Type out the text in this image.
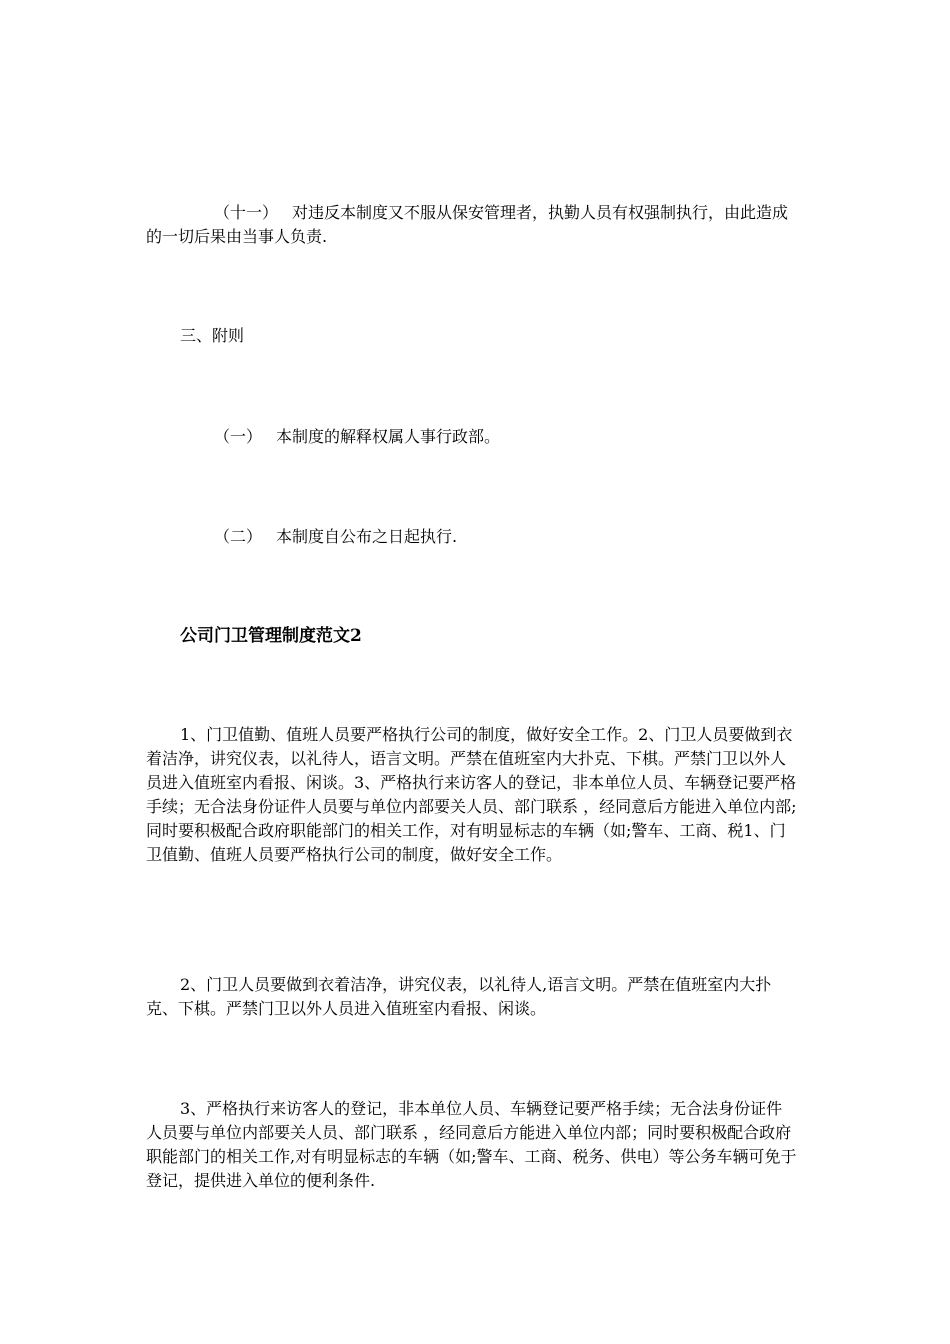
（十一） 对违反本制度又不服从保安管理者，执勤人员有权强制执行，由此造成的一切后果由当事人负责.

三、附则

（一） 本制度的解释权属人事行政部。

（二） 本制度自公布之日起执行.

公司门卫管理制度范文2

1、门卫值勤、值班人员要严格执行公司的制度，做好安全工作。2、门卫人员要做到衣着洁净，讲究仪表，以礼待人，语言文明。严禁在值班室内大扑克、下棋。严禁门卫以外人员进入值班室内看报、闲谈。3、严格执行来访客人的登记，非本单位人员、车辆登记要严格手续；无合法身份证件人员要与单位内部要关人员、部门联系 ，经同意后方能进入单位内部;同时要积极配合政府职能部门的相关工作，对有明显标志的车辆（如;警车、工商、税1、门卫值勤、值班人员要严格执行公司的制度，做好安全工作。

2、门卫人员要做到衣着洁净，讲究仪表，以礼待人,语言文明。严禁在值班室内大扑克、下棋。严禁门卫以外人员进入值班室内看报、闲谈。

3、严格执行来访客人的登记，非本单位人员、车辆登记要严格手续；无合法身份证件人员要与单位内部要关人员、部门联系 ，经同意后方能进入单位内部；同时要积极配合政府职能部门的相关工作,对有明显标志的车辆（如;警车、工商、税务、供电）等公务车辆可免于登记，提供进入单位的便利条件.
